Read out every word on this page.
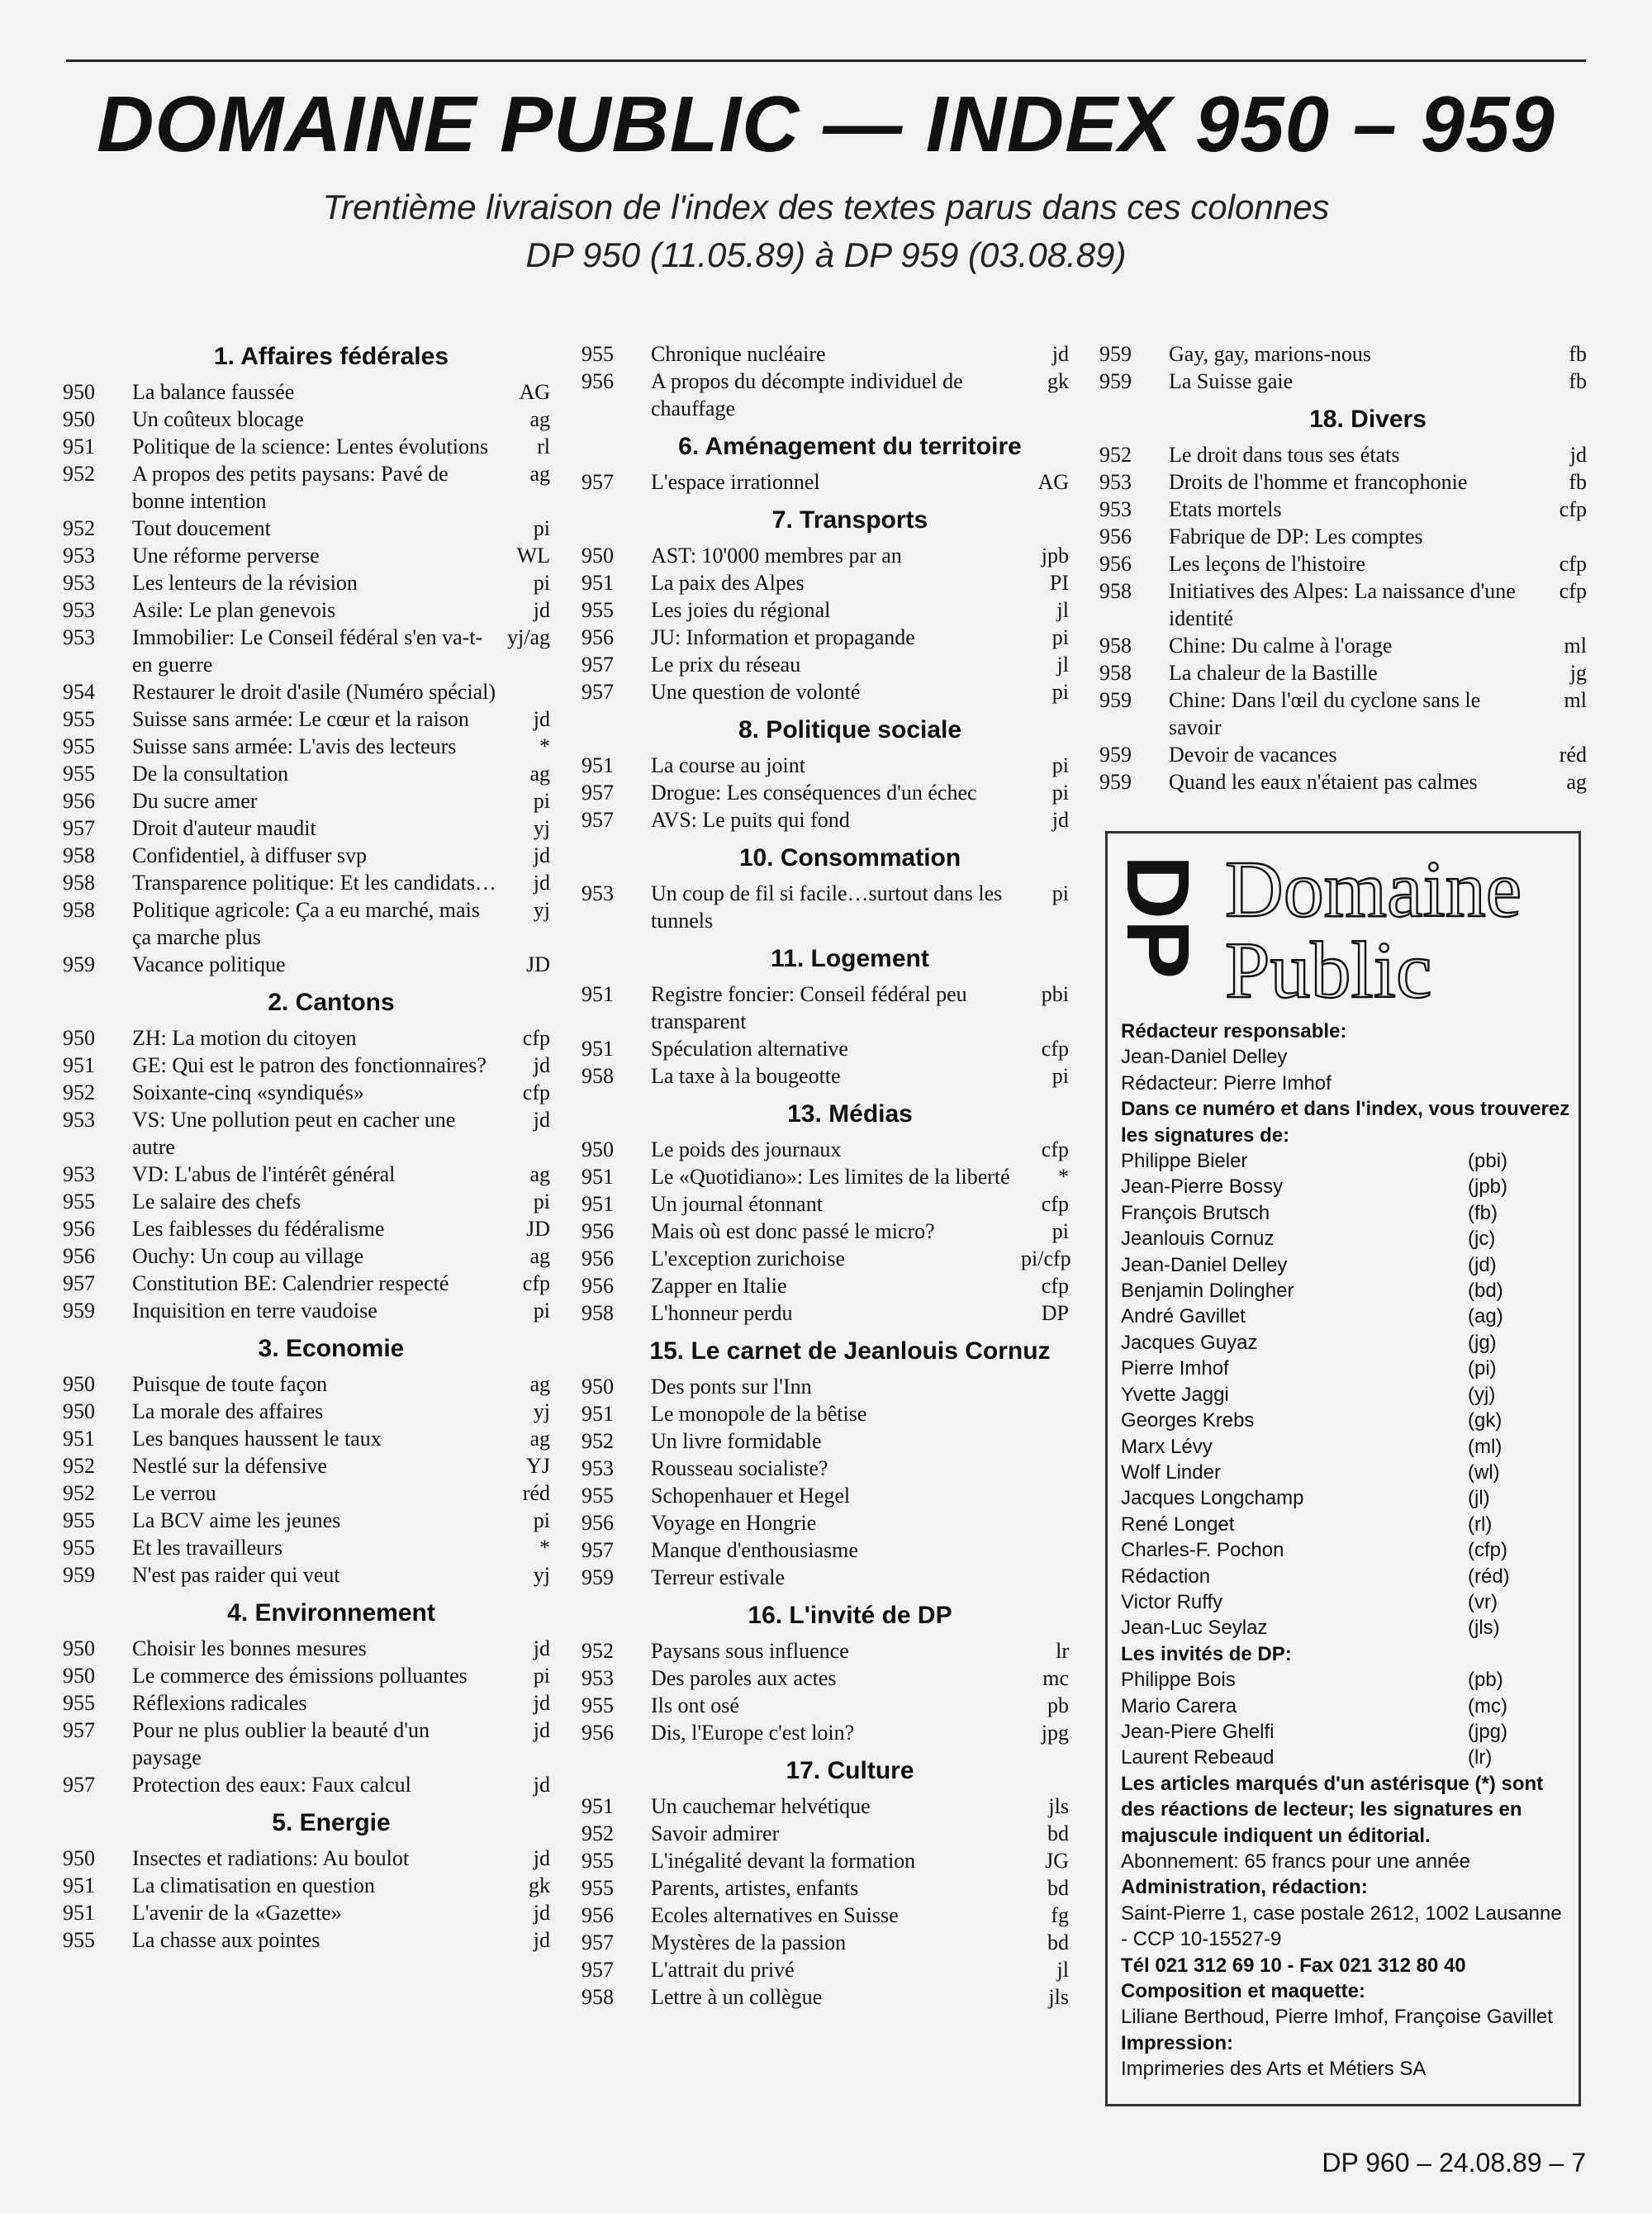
DOMAINE PUBLIC — INDEX 950 – 959
Trentième livraison de l'index des textes parus dans ces colonnes
DP 950 (11.05.89) à DP 959 (03.08.89)
1. Affaires fédérales
950	La balance faussée	AG
950	Un coûteux blocage	ag
951	Politique de la science: Lentes évolutions	rl
952	A propos des petits paysans: Pavé de bonne intention
ag
952	Tout doucement	pi
953	Une réforme perverse	WL
953	Les lenteurs de la révision	pi
953	Asile: Le plan genevois	jd
953	Immobilier: Le Conseil fédéral s'en va-t-en guerre
yj/ag
954	Restaurer le droit d'asile (Numéro spécial)
955	Suisse sans armée: Le cœur et la raison	jd
955	Suisse sans armée: L'avis des lecteurs	*
955	De la consultation	ag
956	Du sucre amer	pi
957	Droit d'auteur maudit	yj
958	Confidentiel, à diffuser svp	jd
958	Transparence politique: Et les candidats…	jd
958	Politique agricole: Ça a eu marché, mais ça marche plus
yj
959	Vacance politique	JD
2. Cantons
950	ZH: La motion du citoyen	cfp
951	GE: Qui est le patron des fonctionnaires?	jd
952	Soixante-cinq «syndiqués»	cfp
953	VS: Une pollution peut en cacher une autre
jd
953	VD: L'abus de l'intérêt général	ag
955	Le salaire des chefs	pi
956	Les faiblesses du fédéralisme	JD
956	Ouchy: Un coup au village	ag
957	Constitution BE: Calendrier respecté	cfp
959	Inquisition en terre vaudoise	pi
3. Economie
950	Puisque de toute façon	ag
950	La morale des affaires	yj
951	Les banques haussent le taux	ag
952	Nestlé sur la défensive	YJ
952	Le verrou	réd
955	La BCV aime les jeunes	pi
955	Et les travailleurs	*
959	N'est pas raider qui veut	yj
4. Environnement
950	Choisir les bonnes mesures	jd
950	Le commerce des émissions polluantes	pi
955	Réflexions radicales	jd
957	Pour ne plus oublier la beauté d'un paysage
jd
957	Protection des eaux: Faux calcul	jd
5. Energie
950	Insectes et radiations: Au boulot	jd
951	La climatisation en question	gk
951	L'avenir de la «Gazette»	jd
955	La chasse aux pointes	jd
955	Chronique nucléaire	jd
956	A propos du décompte individuel de chauffage
gk
6. Aménagement du territoire
957	L'espace irrationnel	AG
7. Transports
950	AST: 10'000 membres par an	jpb
951	La paix des Alpes	PI
955	Les joies du régional	jl
956	JU: Information et propagande	pi
957	Le prix du réseau	jl
957	Une question de volonté	pi
8. Politique sociale
951	La course au joint	pi
957	Drogue: Les conséquences d'un échec	pi
957	AVS: Le puits qui fond	jd
10. Consommation
953	Un coup de fil si facile…surtout dans les tunnels
pi
11. Logement
951	Registre foncier: Conseil fédéral peu transparent
pbi
951	Spéculation alternative	cfp
958	La taxe à la bougeotte	pi
13. Médias
950	Le poids des journaux	cfp
951	Le «Quotidiano»: Les limites de la liberté	*
951	Un journal étonnant	cfp
956	Mais où est donc passé le micro?	pi
956	L'exception zurichoise	pi/cfp
956	Zapper en Italie	cfp
958	L'honneur perdu	DP
15. Le carnet de Jeanlouis Cornuz
950	Des ponts sur l'Inn
951	Le monopole de la bêtise
952	Un livre formidable
953	Rousseau socialiste?
955	Schopenhauer et Hegel
956	Voyage en Hongrie
957	Manque d'enthousiasme
959	Terreur estivale
16. L'invité de DP
952	Paysans sous influence	lr
953	Des paroles aux actes	mc
955	Ils ont osé	pb
956	Dis, l'Europe c'est loin?	jpg
17. Culture
951	Un cauchemar helvétique	jls
952	Savoir admirer	bd
955	L'inégalité devant la formation	JG
955	Parents, artistes, enfants	bd
956	Ecoles alternatives en Suisse	fg
957	Mystères de la passion	bd
957	L'attrait du privé	jl
958	Lettre à un collègue	jls
959	Gay, gay, marions-nous	fb
959	La Suisse gaie	fb
18. Divers
952	Le droit dans tous ses états	jd
953	Droits de l'homme et francophonie	fb
953	Etats mortels	cfp
956	Fabrique de DP: Les comptes
956	Les leçons de l'histoire	cfp
958	Initiatives des Alpes: La naissance d'une identité
cfp
958	Chine: Du calme à l'orage	ml
958	La chaleur de la Bastille	jg
959	Chine: Dans l'œil du cyclone sans le savoir
ml
959	Devoir de vacances	réd
959	Quand les eaux n'étaient pas calmes	ag
DP Domaine
Public
Rédacteur responsable:
Jean-Daniel Delley
Rédacteur: Pierre Imhof
Dans ce numéro et dans l'index, vous trouverez les signatures de:
Philippe Bieler	(pbi)
Jean-Pierre Bossy	(jpb)
François Brutsch	(fb)
Jeanlouis Cornuz	(jc)
Jean-Daniel Delley	(jd)
Benjamin Dolingher	(bd)
André Gavillet	(ag)
Jacques Guyaz	(jg)
Pierre Imhof	(pi)
Yvette Jaggi	(yj)
Georges Krebs	(gk)
Marx Lévy	(ml)
Wolf Linder	(wl)
Jacques Longchamp	(jl)
René Longet	(rl)
Charles-F. Pochon	(cfp)
Rédaction	(réd)
Victor Ruffy	(vr)
Jean-Luc Seylaz	(jls)
Les invités de DP:
Philippe Bois	(pb)
Mario Carera	(mc)
Jean-Piere Ghelfi	(jpg)
Laurent Rebeaud	(lr)
Les articles marqués d'un astérisque (*) sont des réactions de lecteur; les signatures en majuscule indiquent un éditorial.
Abonnement: 65 francs pour une année
Administration, rédaction:
Saint-Pierre 1, case postale 2612, 1002 Lausanne - CCP 10-15527-9
Tél 021 312 69 10 - Fax 021 312 80 40
Composition et maquette:
Liliane Berthoud, Pierre Imhof, Françoise Gavillet
Impression:
Imprimeries des Arts et Métiers SA
DP 960 – 24.08.89 – 7
